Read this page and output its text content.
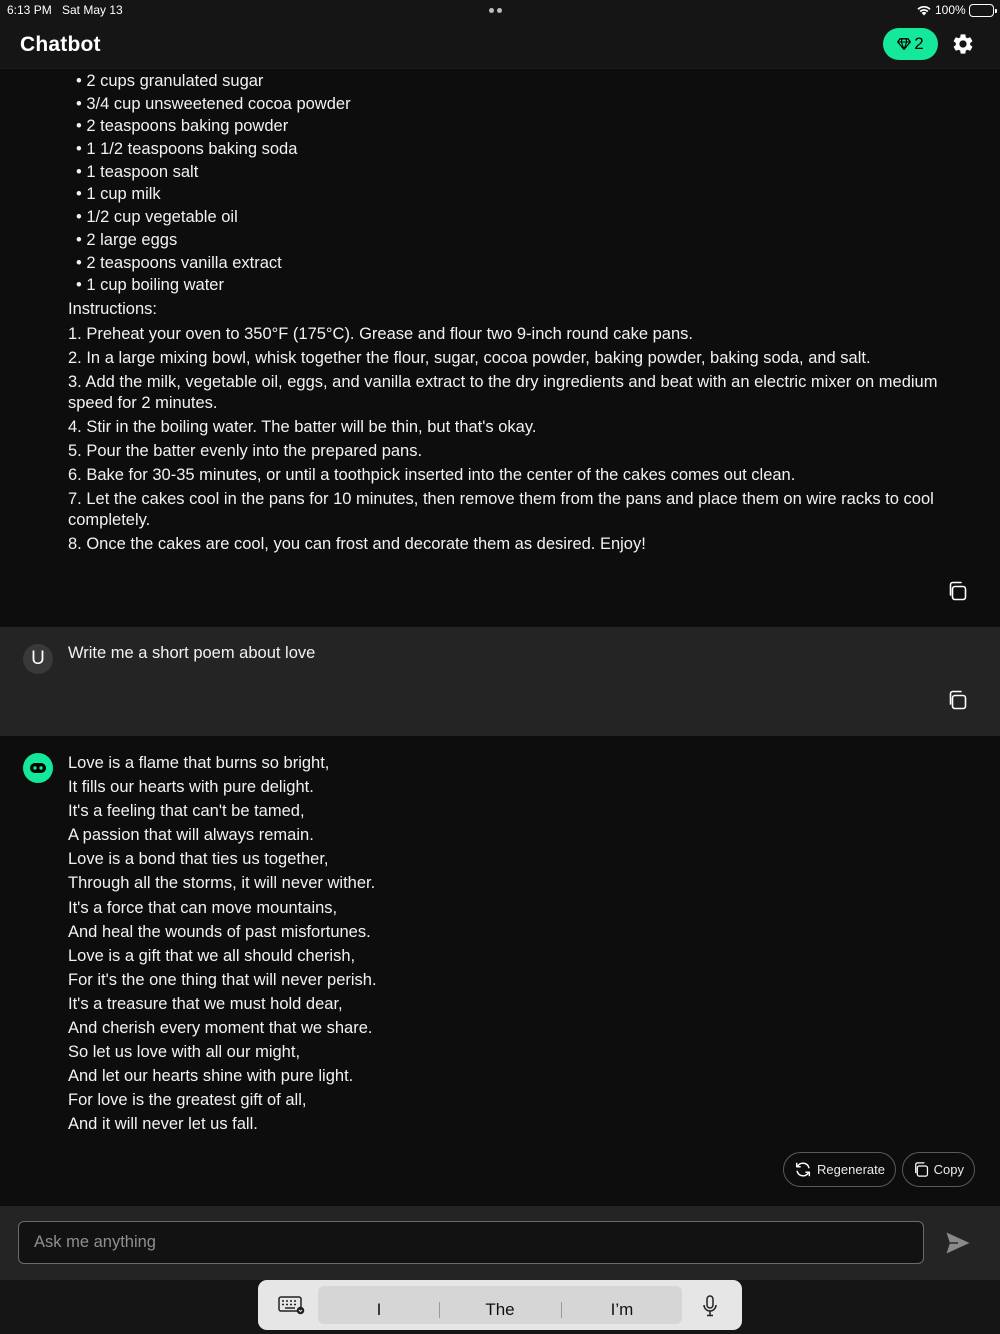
6:13 PM Sat May 13	100%
Chatbot	2
• 2 cups granulated sugar
• 3/4 cup unsweetened cocoa powder
• 2 teaspoons baking powder
• 1 1/2 teaspoons baking soda
• 1 teaspoon salt
• 1 cup milk
• 1/2 cup vegetable oil
• 2 large eggs
• 2 teaspoons vanilla extract
• 1 cup boiling water
Instructions:
1. Preheat your oven to 350°F (175°C). Grease and flour two 9-inch round cake pans.
2. In a large mixing bowl, whisk together the flour, sugar, cocoa powder, baking powder, baking soda, and salt.
3. Add the milk, vegetable oil, eggs, and vanilla extract to the dry ingredients and beat with an electric mixer on medium speed for 2 minutes.
4. Stir in the boiling water. The batter will be thin, but that's okay.
5. Pour the batter evenly into the prepared pans.
6. Bake for 30-35 minutes, or until a toothpick inserted into the center of the cakes comes out clean.
7. Let the cakes cool in the pans for 10 minutes, then remove them from the pans and place them on wire racks to cool completely.
8. Once the cakes are cool, you can frost and decorate them as desired. Enjoy!
U	Write me a short poem about love
Love is a flame that burns so bright,
It fills our hearts with pure delight.
It's a feeling that can't be tamed,
A passion that will always remain.
Love is a bond that ties us together,
Through all the storms, it will never wither.
It's a force that can move mountains,
And heal the wounds of past misfortunes.
Love is a gift that we all should cherish,
For it's the one thing that will never perish.
It's a treasure that we must hold dear,
And cherish every moment that we share.
So let us love with all our might,
And let our hearts shine with pure light.
For love is the greatest gift of all,
And it will never let us fall.
Regenerate	Copy
Ask me anything
I	The	I’m
